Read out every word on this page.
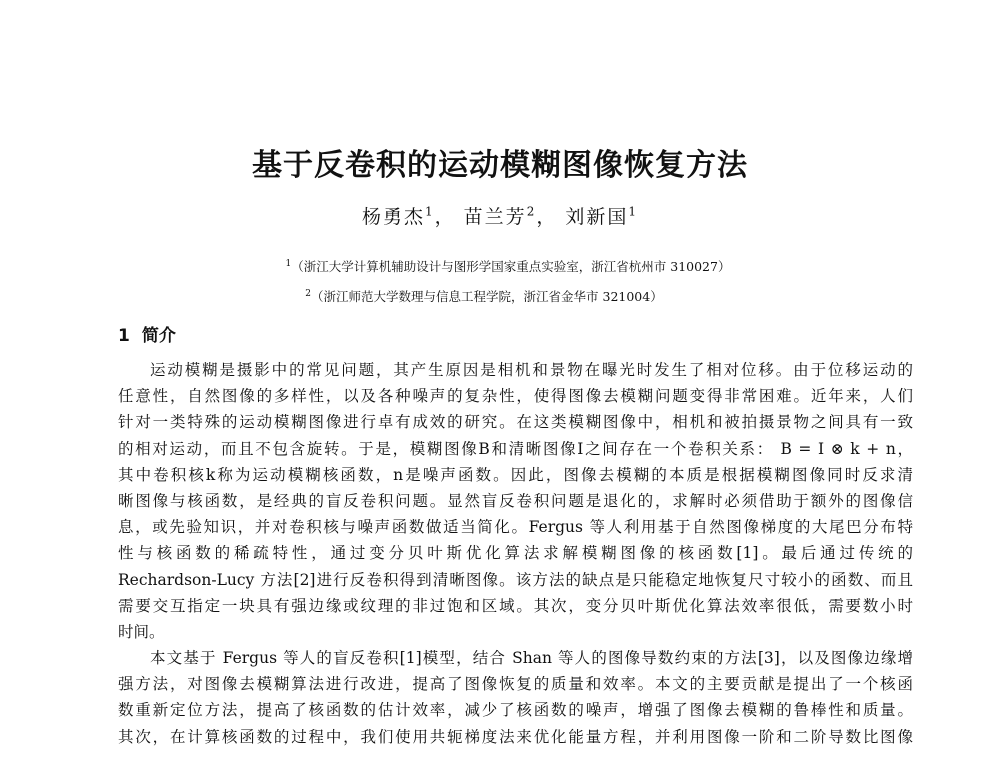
基于反卷积的运动模糊图像恢复方法
杨勇杰$^1$， 苗兰芳$^2$， 刘新国$^1$
$^1$（浙江大学计算机辅助设计与图形学国家重点实验室，浙江省杭州市 310027）
$^2$（浙江师范大学数理与信息工程学院，浙江省金华市 321004）
1 简介
运动模糊是摄影中的常见问题，其产生原因是相机和景物在曝光时发生了相对位移。由于位移运动的
任意性，自然图像的多样性，以及各种噪声的复杂性，使得图像去模糊问题变得非常困难。近年来，人们
针对一类特殊的运动模糊图像进行卓有成效的研究。在这类模糊图像中，相机和被拍摄景物之间具有一致
的相对运动，而且不包含旋转。于是，模糊图像B和清晰图像I之间存在一个卷积关系： B = I ⊗ k + n，
其中卷积核k称为运动模糊核函数，n是噪声函数。因此，图像去模糊的本质是根据模糊图像同时反求清
晰图像与核函数，是经典的盲反卷积问题。显然盲反卷积问题是退化的，求解时必须借助于额外的图像信
息，或先验知识，并对卷积核与噪声函数做适当简化。Fergus 等人利用基于自然图像梯度的大尾巴分布特
性与核函数的稀疏特性，通过变分贝叶斯优化算法求解模糊图像的核函数[1]。最后通过传统的
Rechardson-Lucy 方法[2]进行反卷积得到清晰图像。该方法的缺点是只能稳定地恢复尺寸较小的函数、而且
需要交互指定一块具有强边缘或纹理的非过饱和区域。其次，变分贝叶斯优化算法效率很低，需要数小时
时间。
本文基于 Fergus 等人的盲反卷积[1]模型，结合 Shan 等人的图像导数约束的方法[3]，以及图像边缘增
强方法，对图像去模糊算法进行改进，提高了图像恢复的质量和效率。本文的主要贡献是提出了一个核函
数重新定位方法，提高了核函数的估计效率，减少了核函数的噪声，增强了图像去模糊的鲁棒性和质量。
其次，在计算核函数的过程中，我们使用共轭梯度法来优化能量方程，并利用图像一阶和二阶导数比图像
